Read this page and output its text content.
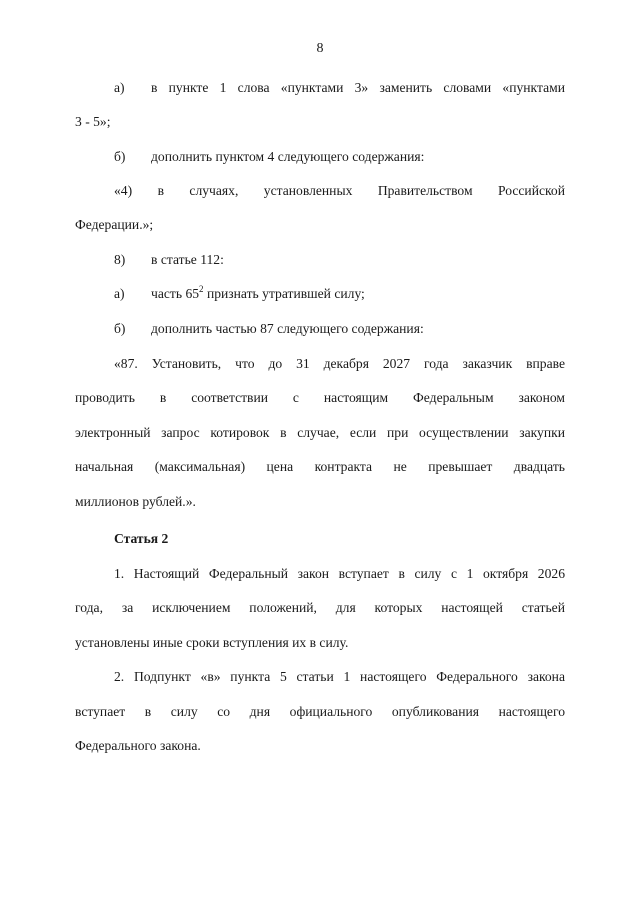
8
а) в пункте 1 слова «пунктами 3» заменить словами «пунктами
3 - 5»;
б) дополнить пунктом 4 следующего содержания:
«4) в случаях, установленных Правительством Российской
Федерации.»;
8) в статье 112:
а) часть $65^2$ признать утратившей силу;
б) дополнить частью 87 следующего содержания:
«87. Установить, что до 31 декабря 2027 года заказчик вправе
проводить в соответствии с настоящим Федеральным законом
электронный запрос котировок в случае, если при осуществлении закупки
начальная (максимальная) цена контракта не превышает двадцать
миллионов рублей.».
Статья 2
1. Настоящий Федеральный закон вступает в силу с 1 октября 2026
года, за исключением положений, для которых настоящей статьей
установлены иные сроки вступления их в силу.
2. Подпункт «в» пункта 5 статьи 1 настоящего Федерального закона
вступает в силу со дня официального опубликования настоящего
Федерального закона.
